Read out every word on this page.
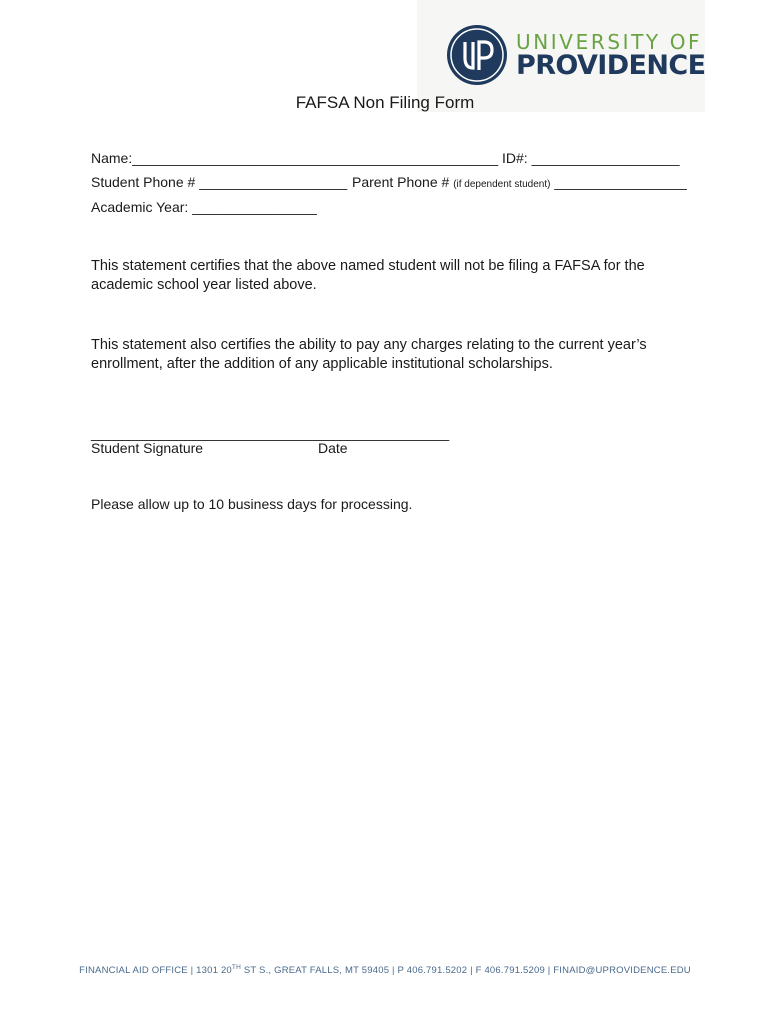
UNIVERSITY OF
PROVIDENCE
FAFSA Non Filing Form
Name:_______________________________________________ ID#: ___________________
Student Phone # ___________________ Parent Phone # (if dependent student) _________________
Academic Year: ________________
This statement certifies that the above named student will not be filing a FAFSA for the academic school year listed above.
This statement also certifies the ability to pay any charges relating to the current year’s enrollment, after the addition of any applicable institutional scholarships.
______________________________________________
Student Signature	Date
Please allow up to 10 business days for processing.
FINANCIAL AID OFFICE | 1301 20TH ST S., GREAT FALLS, MT 59405 | P 406.791.5202 | F 406.791.5209 | FINAID@UPROVIDENCE.EDU
